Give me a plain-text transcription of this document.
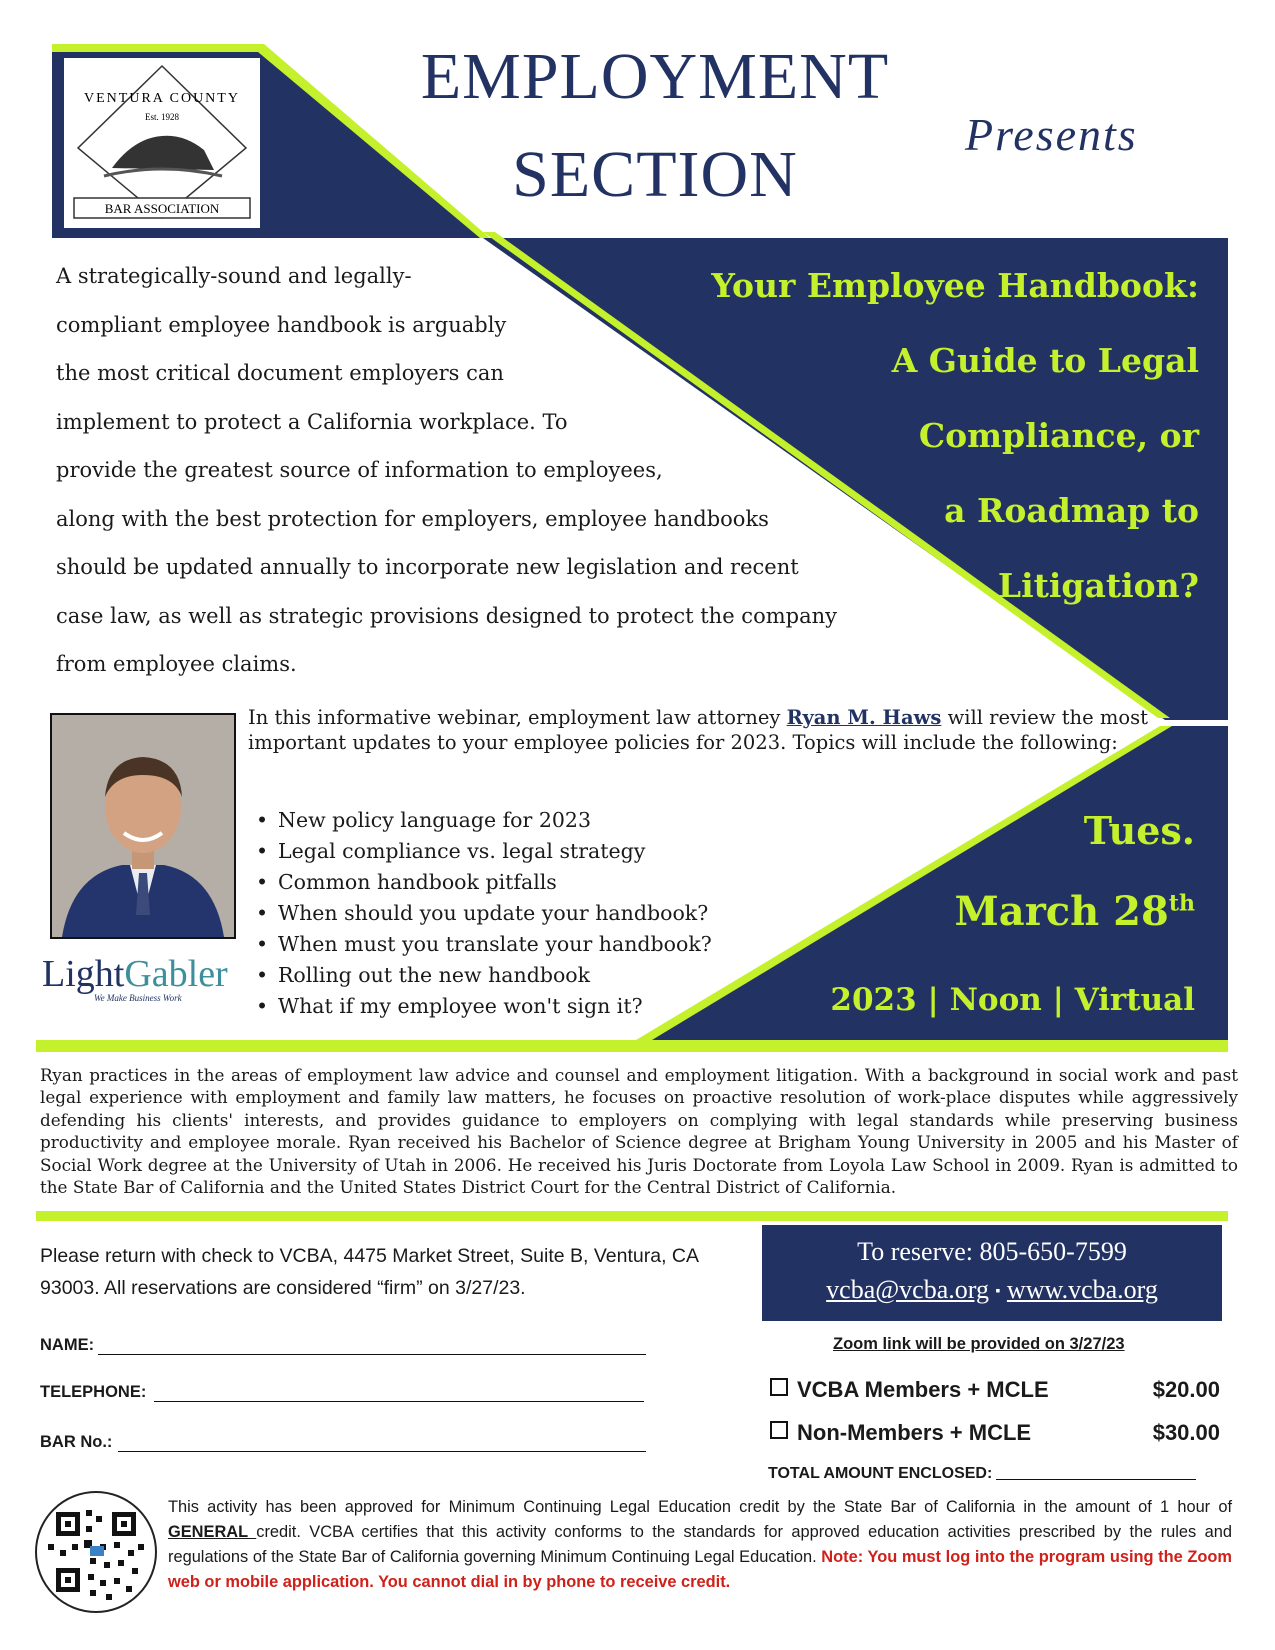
BAR ASSOCIATION
Est. 1928
VENTURA COUNTY	EMPLOYMENT
SECTION
Presents
A strategically-sound and legally-
compliant employee handbook is arguably
the most critical document employers can
implement to protect a California workplace. To
provide the greatest source of information to employees,
along with the best protection for employers, employee handbooks
should be updated annually to incorporate new legislation and recent
case law, as well as strategic provisions designed to protect the company
from employee claims.
Your Employee Handbook:
A Guide to Legal
Compliance, or
a Roadmap to
Litigation?
LightGabler
We Make Business Work
In this informative webinar, employment law attorney Ryan M. Haws will review the most important updates to your employee policies for 2023. Topics will include the following:
• New policy language for 2023
• Legal compliance vs. legal strategy
• Common handbook pitfalls
• When should you update your handbook?
• When must you translate your handbook?
• Rolling out the new handbook
• What if my employee won't sign it?
Tues.
March 28th
2023 | Noon | Virtual
Ryan practices in the areas of employment law advice and counsel and employment litigation. With a background in social work and past legal experience with employment and family law matters, he focuses on proactive resolution of work-place disputes while aggressively defending his clients' interests, and provides guidance to employers on complying with legal standards while preserving business productivity and employee morale. Ryan received his Bachelor of Science degree at Brigham Young University in 2005 and his Master of Social Work degree at the University of Utah in 2006. He received his Juris Doctorate from Loyola Law School in 2009. Ryan is admitted to the State Bar of California and the United States District Court for the Central District of California.
Please return with check to VCBA, 4475 Market Street, Suite B, Ventura, CA 93003. All reservations are considered “firm” on 3/27/23.
To reserve: 805-650-7599
vcba@vcba.org ▪ www.vcba.org
NAME:
TELEPHONE:
BAR No.:
Zoom link will be provided on 3/27/23
VCBA Members + MCLE	$20.00
Non-Members + MCLE	$30.00
TOTAL AMOUNT ENCLOSED:
This activity has been approved for Minimum Continuing Legal Education credit by the State Bar of California in the amount of 1 hour of GENERAL credit. VCBA certifies that this activity conforms to the standards for approved education activities prescribed by the rules and regulations of the State Bar of California governing Minimum Continuing Legal Education. Note: You must log into the program using the Zoom web or mobile application. You cannot dial in by phone to receive credit.
